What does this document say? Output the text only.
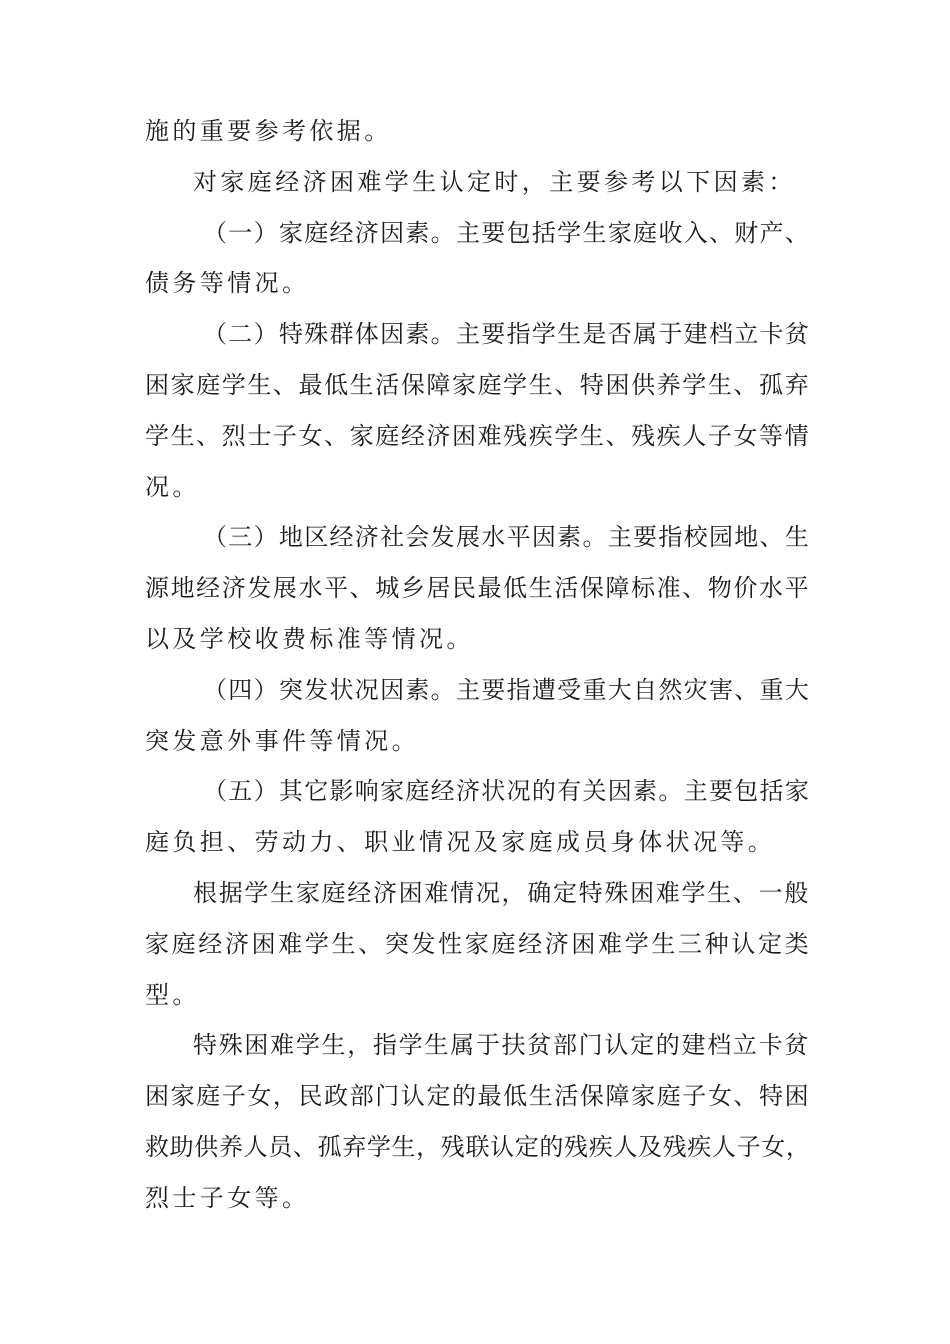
施的重要参考依据。

对家庭经济困难学生认定时，主要参考以下因素：

（一）家庭经济因素。主要包括学生家庭收入、财产、

债务等情况。

（二）特殊群体因素。主要指学生是否属于建档立卡贫

困家庭学生、最低生活保障家庭学生、特困供养学生、孤弃

学生、烈士子女、家庭经济困难残疾学生、残疾人子女等情

况。

（三）地区经济社会发展水平因素。主要指校园地、生

源地经济发展水平、城乡居民最低生活保障标准、物价水平

以及学校收费标准等情况。

（四）突发状况因素。主要指遭受重大自然灾害、重大

突发意外事件等情况。

（五）其它影响家庭经济状况的有关因素。主要包括家

庭负担、劳动力、职业情况及家庭成员身体状况等。

根据学生家庭经济困难情况，确定特殊困难学生、一般

家庭经济困难学生、突发性家庭经济困难学生三种认定类

型。

特殊困难学生，指学生属于扶贫部门认定的建档立卡贫

困家庭子女，民政部门认定的最低生活保障家庭子女、特困

救助供养人员、孤弃学生，残联认定的残疾人及残疾人子女，

烈士子女等。
